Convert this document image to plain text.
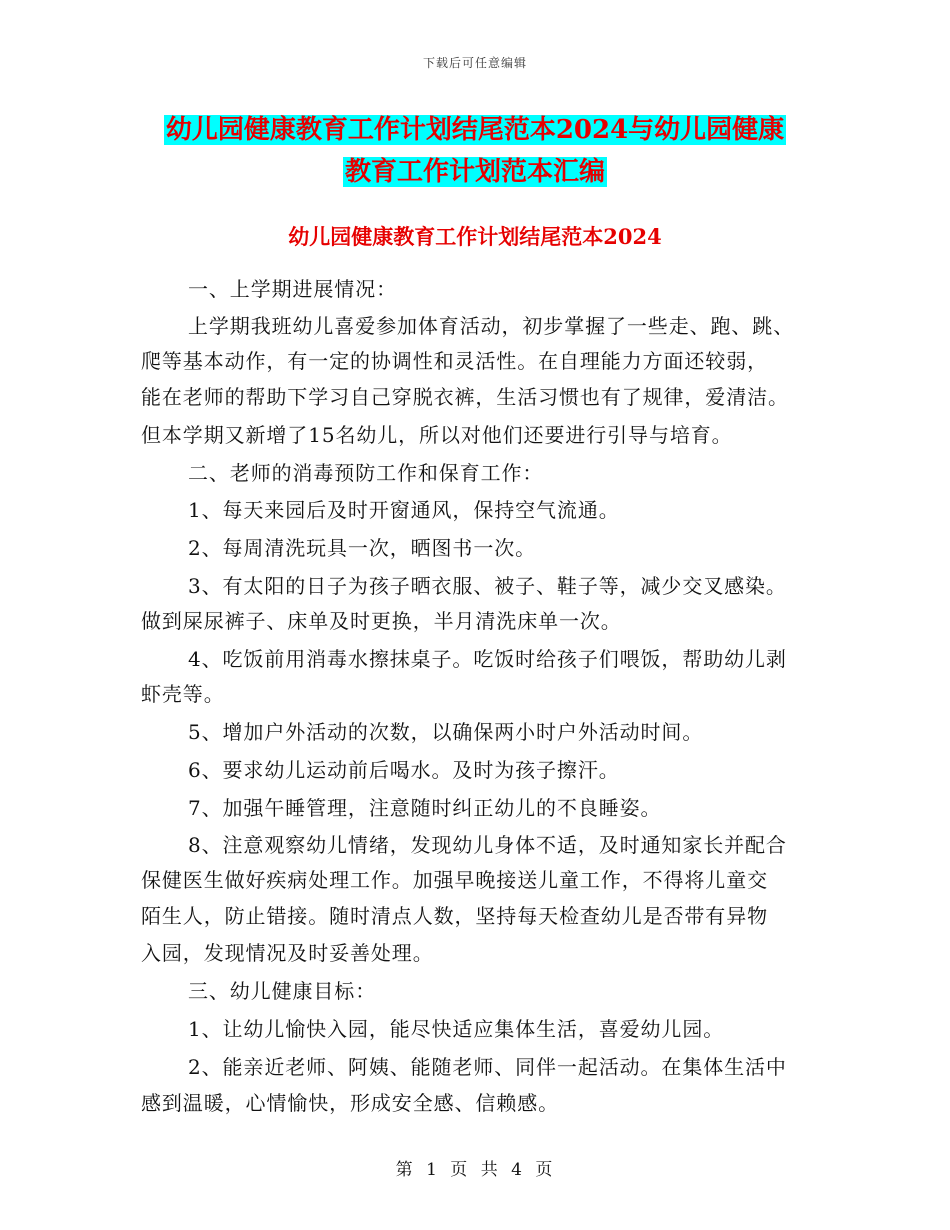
下载后可任意编辑
幼儿园健康教育工作计划结尾范本2024与幼儿园健康
教育工作计划范本汇编
幼儿园健康教育工作计划结尾范本2024
一、上学期进展情况：
上学期我班幼儿喜爱参加体育活动，初步掌握了一些走、跑、跳、
爬等基本动作，有一定的协调性和灵活性。在自理能力方面还较弱，
能在老师的帮助下学习自己穿脱衣裤，生活习惯也有了规律，爱清洁。
但本学期又新增了15名幼儿，所以对他们还要进行引导与培育。
二、老师的消毒预防工作和保育工作：
1、每天来园后及时开窗通风，保持空气流通。
2、每周清洗玩具一次，晒图书一次。
3、有太阳的日子为孩子晒衣服、被子、鞋子等，减少交叉感染。
做到屎尿裤子、床单及时更换，半月清洗床单一次。
4、吃饭前用消毒水擦抹桌子。吃饭时给孩子们喂饭，帮助幼儿剥
虾壳等。
5、增加户外活动的次数，以确保两小时户外活动时间。
6、要求幼儿运动前后喝水。及时为孩子擦汗。
7、加强午睡管理，注意随时纠正幼儿的不良睡姿。
8、注意观察幼儿情绪，发现幼儿身体不适，及时通知家长并配合
保健医生做好疾病处理工作。加强早晚接送儿童工作，不得将儿童交
陌生人，防止错接。随时清点人数，坚持每天检查幼儿是否带有异物
入园，发现情况及时妥善处理。
三、幼儿健康目标：
1、让幼儿愉快入园，能尽快适应集体生活，喜爱幼儿园。
2、能亲近老师、阿姨、能随老师、同伴一起活动。在集体生活中
感到温暖，心情愉快，形成安全感、信赖感。
第 1 页 共 4 页
